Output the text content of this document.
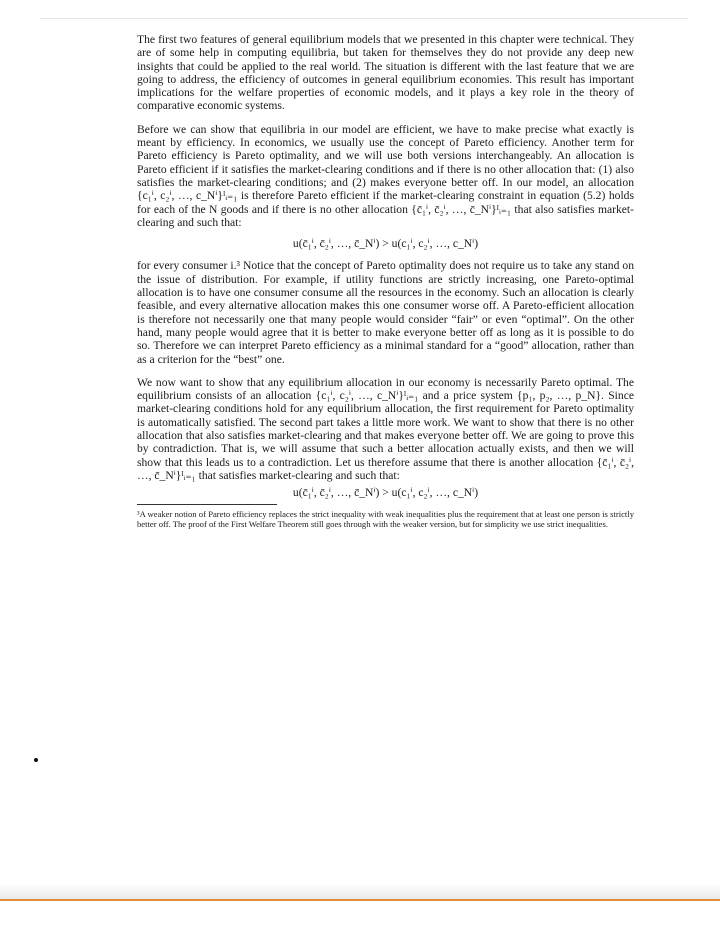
The first two features of general equilibrium models that we presented in this chapter were technical. They are of some help in computing equilibria, but taken for themselves they do not provide any deep new insights that could be applied to the real world. The situation is different with the last feature that we are going to address, the efficiency of outcomes in general equilibrium economies. This result has important implications for the welfare properties of economic models, and it plays a key role in the theory of comparative economic systems.

Before we can show that equilibria in our model are efficient, we have to make precise what exactly is meant by efficiency. In economics, we usually use the concept of Pareto efficiency. Another term for Pareto efficiency is Pareto optimality, and we will use both versions interchangeably. An allocation is Pareto efficient if it satisfies the market-clearing conditions and if there is no other allocation that: (1) also satisfies the market-clearing conditions; and (2) makes everyone better off. In our model, an allocation {c₁ⁱ, c₂ⁱ, …, c_Nⁱ}ᴵᵢ₌₁ is therefore Pareto efficient if the market-clearing constraint in equation (5.2) holds for each of the N goods and if there is no other allocation {c̄₁ⁱ, c̄₂ⁱ, …, c̄_Nⁱ}ᴵᵢ₌₁ that also satisfies market-clearing and such that:

u(c̄₁ⁱ, c̄₂ⁱ, …, c̄_Nⁱ) > u(c₁ⁱ, c₂ⁱ, …, c_Nⁱ)

for every consumer i.³ Notice that the concept of Pareto optimality does not require us to take any stand on the issue of distribution. For example, if utility functions are strictly increasing, one Pareto-optimal allocation is to have one consumer consume all the resources in the economy. Such an allocation is clearly feasible, and every alternative allocation makes this one consumer worse off. A Pareto-efficient allocation is therefore not necessarily one that many people would consider “fair” or even “optimal”. On the other hand, many people would agree that it is better to make everyone better off as long as it is possible to do so. Therefore we can interpret Pareto efficiency as a minimal standard for a “good” allocation, rather than as a criterion for the “best” one.

We now want to show that any equilibrium allocation in our economy is necessarily Pareto optimal. The equilibrium consists of an allocation {c₁ⁱ, c₂ⁱ, …, c_Nⁱ}ᴵᵢ₌₁ and a price system {p₁, p₂, …, p_N}. Since market-clearing conditions hold for any equilibrium allocation, the first requirement for Pareto optimality is automatically satisfied. The second part takes a little more work. We want to show that there is no other allocation that also satisfies market-clearing and that makes everyone better off. We are going to prove this by contradiction. That is, we will assume that such a better allocation actually exists, and then we will show that this leads us to a contradiction. Let us therefore assume that there is another allocation {c̄₁ⁱ, c̄₂ⁱ, …, c̄_Nⁱ}ᴵᵢ₌₁ that satisfies market-clearing and such that:

u(c̄₁ⁱ, c̄₂ⁱ, …, c̄_Nⁱ) > u(c₁ⁱ, c₂ⁱ, …, c_Nⁱ)

³A weaker notion of Pareto efficiency replaces the strict inequality with weak inequalities plus the requirement that at least one person is strictly better off. The proof of the First Welfare Theorem still goes through with the weaker version, but for simplicity we use strict inequalities.
